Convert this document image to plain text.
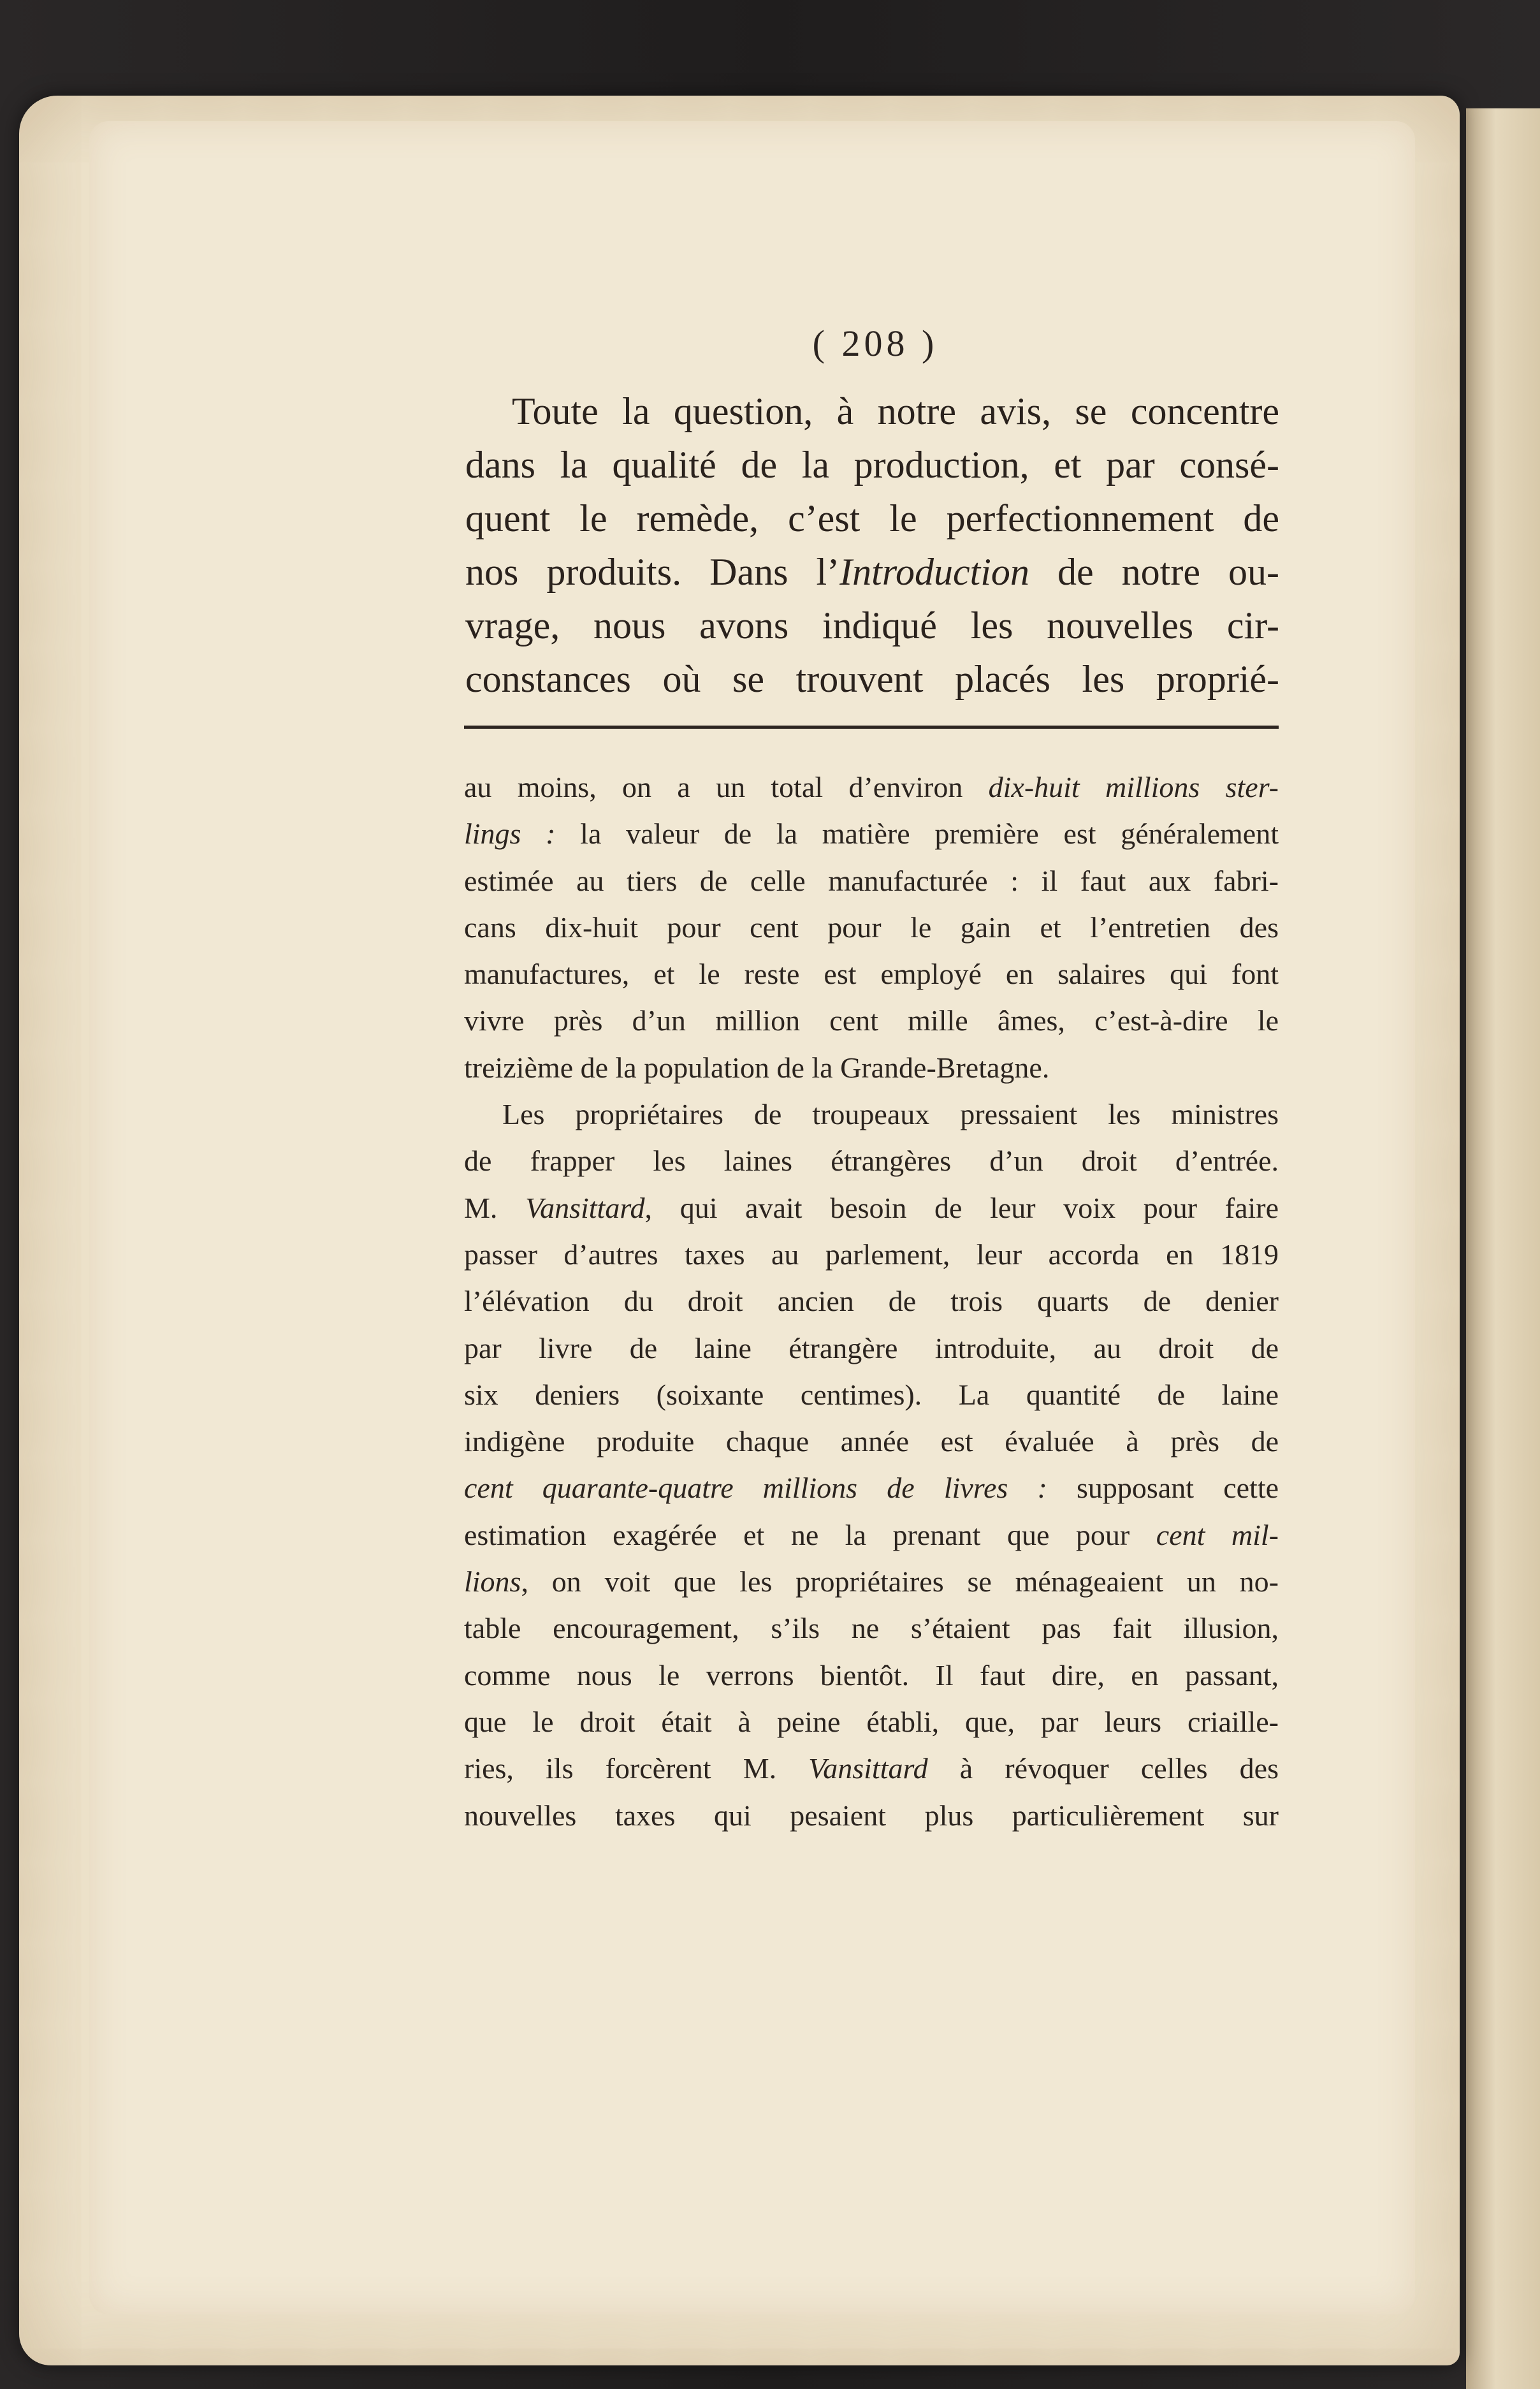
( 208 )
Toute la question, à notre avis, se concentre
dans la qualité de la production, et par consé-
quent le remède, c’est le perfectionnement de
nos produits. Dans l’Introduction de notre ou-
vrage, nous avons indiqué les nouvelles cir-
constances où se trouvent placés les proprié-
au moins, on a un total d’environ dix-huit millions ster-
lings : la valeur de la matière première est généralement
estimée au tiers de celle manufacturée : il faut aux fabri-
cans dix-huit pour cent pour le gain et l’entretien des
manufactures, et le reste est employé en salaires qui font
vivre près d’un million cent mille âmes, c’est-à-dire le
treizième de la population de la Grande-Bretagne.
Les propriétaires de troupeaux pressaient les ministres
de frapper les laines étrangères d’un droit d’entrée.
M. Vansittard, qui avait besoin de leur voix pour faire
passer d’autres taxes au parlement, leur accorda en 1819
l’élévation du droit ancien de trois quarts de denier
par livre de laine étrangère introduite, au droit de
six deniers (soixante centimes). La quantité de laine
indigène produite chaque année est évaluée à près de
cent quarante-quatre millions de livres : supposant cette
estimation exagérée et ne la prenant que pour cent mil-
lions, on voit que les propriétaires se ménageaient un no-
table encouragement, s’ils ne s’étaient pas fait illusion,
comme nous le verrons bientôt. Il faut dire, en passant,
que le droit était à peine établi, que, par leurs criaille-
ries, ils forcèrent M. Vansittard à révoquer celles des
nouvelles taxes qui pesaient plus particulièrement sur
